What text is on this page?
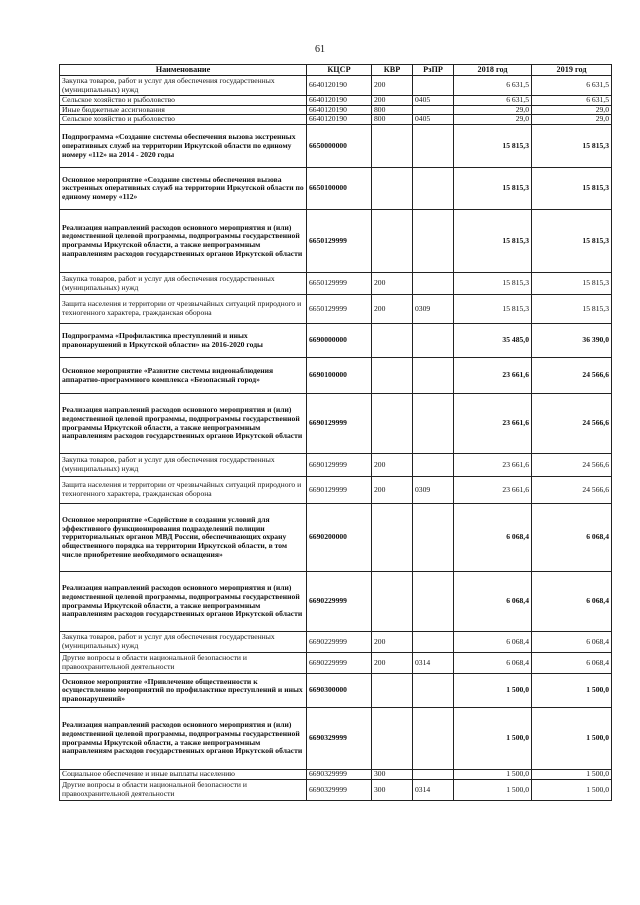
61
Наименование	КЦСР	КВР	РзПР	2018 год	2019 год
Закупка товаров, работ и услуг для обеспечения государственных (муниципальных) нужд	6640120190	200		6 631,5	6 631,5
Сельское хозяйство и рыболовство	6640120190	200	0405	6 631,5	6 631,5
Иные бюджетные ассигнования	6640120190	800		29,0	29,0
Сельское хозяйство и рыболовство	6640120190	800	0405	29,0	29,0
Подпрограмма «Создание системы обеспечения вызова экстренных оперативных служб на территории Иркутской области по единому номеру «112» на 2014 - 2020 годы	6650000000			15 815,3	15 815,3
Основное мероприятие «Создание системы обеспечения вызова экстренных оперативных служб на территории Иркутской области по единому номеру «112»	6650100000			15 815,3	15 815,3
Реализация направлений расходов основного мероприятия и (или) ведомственной целевой программы, подпрограммы государственной программы Иркутской области, а также непрограммным направлениям расходов государственных органов Иркутской области	6650129999			15 815,3	15 815,3
Закупка товаров, работ и услуг для обеспечения государственных (муниципальных) нужд	6650129999	200		15 815,3	15 815,3
Защита населения и территории от чрезвычайных ситуаций природного и техногенного характера, гражданская оборона	6650129999	200	0309	15 815,3	15 815,3
Подпрограмма «Профилактика преступлений и иных правонарушений в Иркутской области» на 2016-2020 годы	6690000000			35 485,0	36 390,0
Основное мероприятие «Развитие системы видеонаблюдения аппаратно-программного комплекса «Безопасный город»	6690100000			23 661,6	24 566,6
Реализация направлений расходов основного мероприятия и (или) ведомственной целевой программы, подпрограммы государственной программы Иркутской области, а также непрограммным направлениям расходов государственных органов Иркутской области	6690129999			23 661,6	24 566,6
Закупка товаров, работ и услуг для обеспечения государственных (муниципальных) нужд	6690129999	200		23 661,6	24 566,6
Защита населения и территории от чрезвычайных ситуаций природного и техногенного характера, гражданская оборона	6690129999	200	0309	23 661,6	24 566,6
Основное мероприятие «Содействие в создании условий для эффективного функционирования подразделений полиции территориальных органов МВД России, обеспечивающих охрану общественного порядка на территории Иркутской области, в том числе приобретение необходимого оснащения»	6690200000			6 068,4	6 068,4
Реализация направлений расходов основного мероприятия и (или) ведомственной целевой программы, подпрограммы государственной программы Иркутской области, а также непрограммным направлениям расходов государственных органов Иркутской области	6690229999			6 068,4	6 068,4
Закупка товаров, работ и услуг для обеспечения государственных (муниципальных) нужд	6690229999	200		6 068,4	6 068,4
Другие вопросы в области национальной безопасности и правоохранительной деятельности	6690229999	200	0314	6 068,4	6 068,4
Основное мероприятие «Привлечение общественности к осуществлению мероприятий по профилактике преступлений и иных правонарушений»	6690300000			1 500,0	1 500,0
Реализация направлений расходов основного мероприятия и (или) ведомственной целевой программы, подпрограммы государственной программы Иркутской области, а также непрограммным направлениям расходов государственных органов Иркутской области	6690329999			1 500,0	1 500,0
Социальное обеспечение и иные выплаты населению	6690329999	300		1 500,0	1 500,0
Другие вопросы в области национальной безопасности и правоохранительной деятельности	6690329999	300	0314	1 500,0	1 500,0
